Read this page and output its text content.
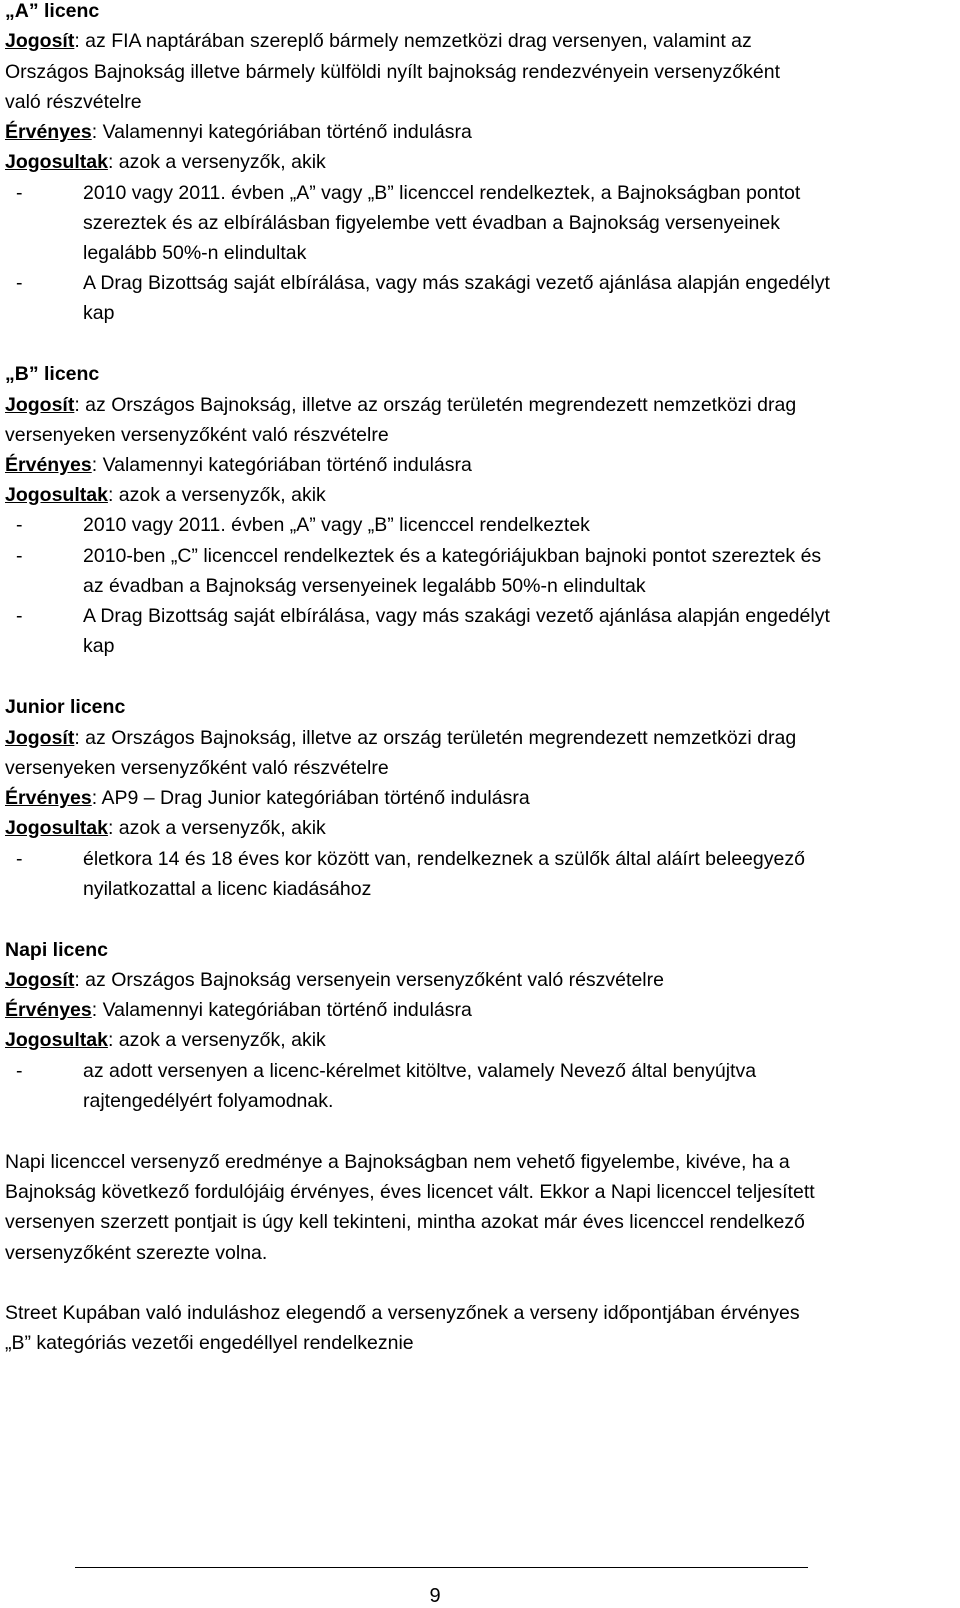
„A” licenc
Jogosít: az FIA naptárában szereplő bármely nemzetközi drag versenyen, valamint az
Országos Bajnokság illetve bármely külföldi nyílt bajnokság rendezvényein versenyzőként
való részvételre
Érvényes: Valamennyi kategóriában történő indulásra
Jogosultak: azok a versenyzők, akik
-	2010 vagy 2011. évben „A” vagy „B” licenccel rendelkeztek, a Bajnokságban pontot
szereztek és az elbírálásban figyelembe vett évadban a Bajnokság versenyeinek
legalább 50%-n elindultak
-	A Drag Bizottság saját elbírálása, vagy más szakági vezető ajánlása alapján engedélyt
kap
„B” licenc
Jogosít: az Országos Bajnokság, illetve az ország területén megrendezett nemzetközi drag
versenyeken versenyzőként való részvételre
Érvényes: Valamennyi kategóriában történő indulásra
Jogosultak: azok a versenyzők, akik
-	2010 vagy 2011. évben „A” vagy „B” licenccel rendelkeztek
-	2010-ben „C” licenccel rendelkeztek és a kategóriájukban bajnoki pontot szereztek és
az évadban a Bajnokság versenyeinek legalább 50%-n elindultak
-	A Drag Bizottság saját elbírálása, vagy más szakági vezető ajánlása alapján engedélyt
kap
Junior licenc
Jogosít: az Országos Bajnokság, illetve az ország területén megrendezett nemzetközi drag
versenyeken versenyzőként való részvételre
Érvényes: AP9 – Drag Junior kategóriában történő indulásra
Jogosultak: azok a versenyzők, akik
-	életkora 14 és 18 éves kor között van, rendelkeznek a szülők által aláírt beleegyező
nyilatkozattal a licenc kiadásához
Napi licenc
Jogosít: az Országos Bajnokság versenyein versenyzőként való részvételre
Érvényes: Valamennyi kategóriában történő indulásra
Jogosultak: azok a versenyzők, akik
-	az adott versenyen a licenc-kérelmet kitöltve, valamely Nevező által benyújtva
rajtengedélyért folyamodnak.
Napi licenccel versenyző eredménye a Bajnokságban nem vehető figyelembe, kivéve, ha a
Bajnokság következő fordulójáig érvényes, éves licencet vált. Ekkor a Napi licenccel teljesített
versenyen szerzett pontjait is úgy kell tekinteni, mintha azokat már éves licenccel rendelkező
versenyzőként szerezte volna.
Street Kupában való induláshoz elegendő a versenyzőnek a verseny időpontjában érvényes
„B” kategóriás vezetői engedéllyel rendelkeznie
9
